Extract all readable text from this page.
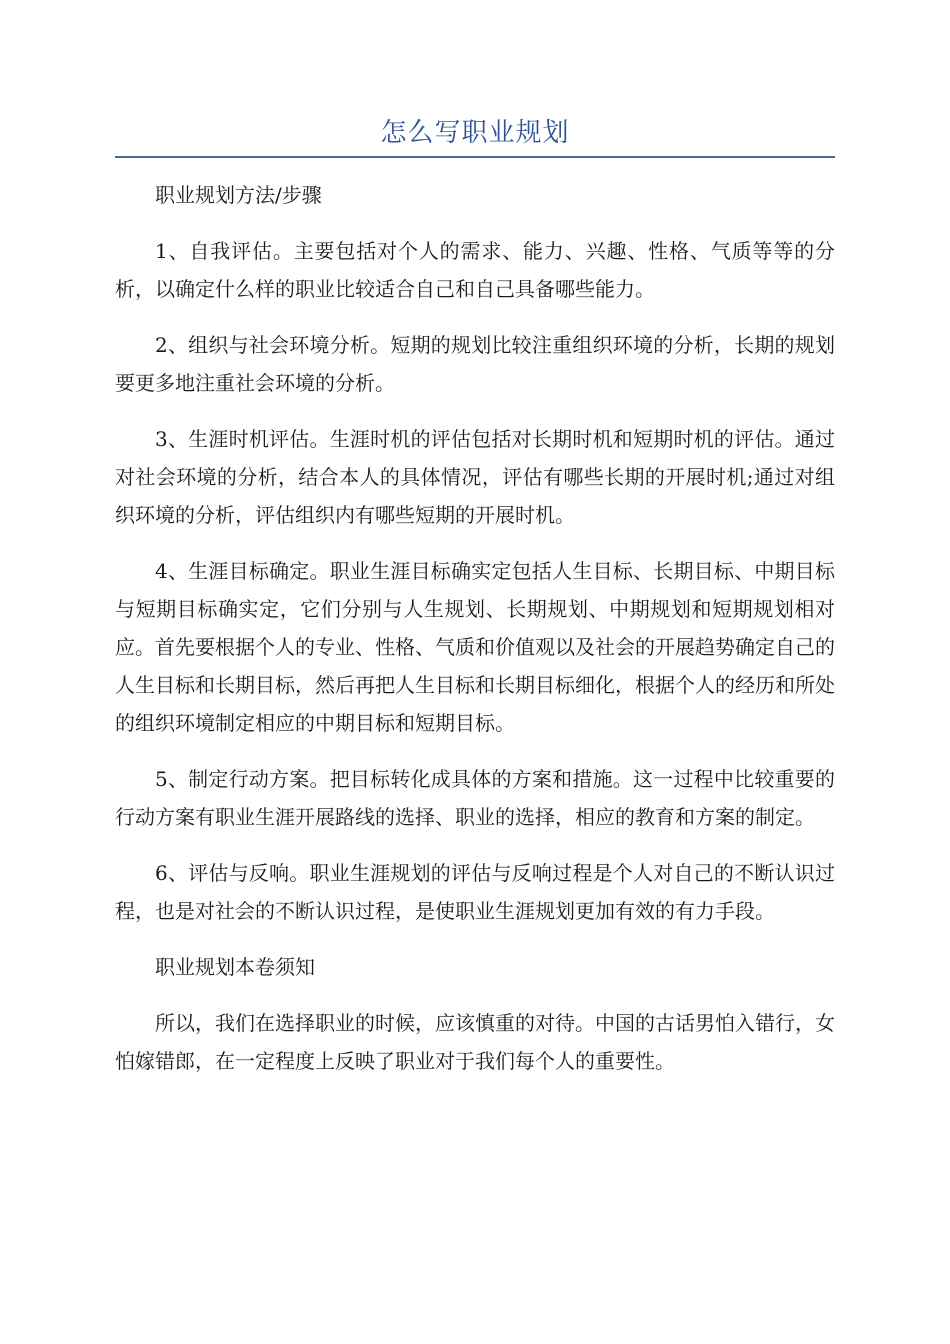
怎么写职业规划

职业规划方法/步骤

1、自我评估。主要包括对个人的需求、能力、兴趣、性格、气质等等的分析，以确定什么样的职业比较适合自己和自己具备哪些能力。

2、组织与社会环境分析。短期的规划比较注重组织环境的分析，长期的规划要更多地注重社会环境的分析。

3、生涯时机评估。生涯时机的评估包括对长期时机和短期时机的评估。通过对社会环境的分析，结合本人的具体情况，评估有哪些长期的开展时机;通过对组织环境的分析，评估组织内有哪些短期的开展时机。

4、生涯目标确定。职业生涯目标确实定包括人生目标、长期目标、中期目标与短期目标确实定，它们分别与人生规划、长期规划、中期规划和短期规划相对应。首先要根据个人的专业、性格、气质和价值观以及社会的开展趋势确定自己的人生目标和长期目标，然后再把人生目标和长期目标细化，根据个人的经历和所处的组织环境制定相应的中期目标和短期目标。

5、制定行动方案。把目标转化成具体的方案和措施。这一过程中比较重要的行动方案有职业生涯开展路线的选择、职业的选择，相应的教育和方案的制定。

6、评估与反响。职业生涯规划的评估与反响过程是个人对自己的不断认识过程，也是对社会的不断认识过程，是使职业生涯规划更加有效的有力手段。

职业规划本卷须知

所以，我们在选择职业的时候，应该慎重的对待。中国的古话男怕入错行，女怕嫁错郎，在一定程度上反映了职业对于我们每个人的重要性。
